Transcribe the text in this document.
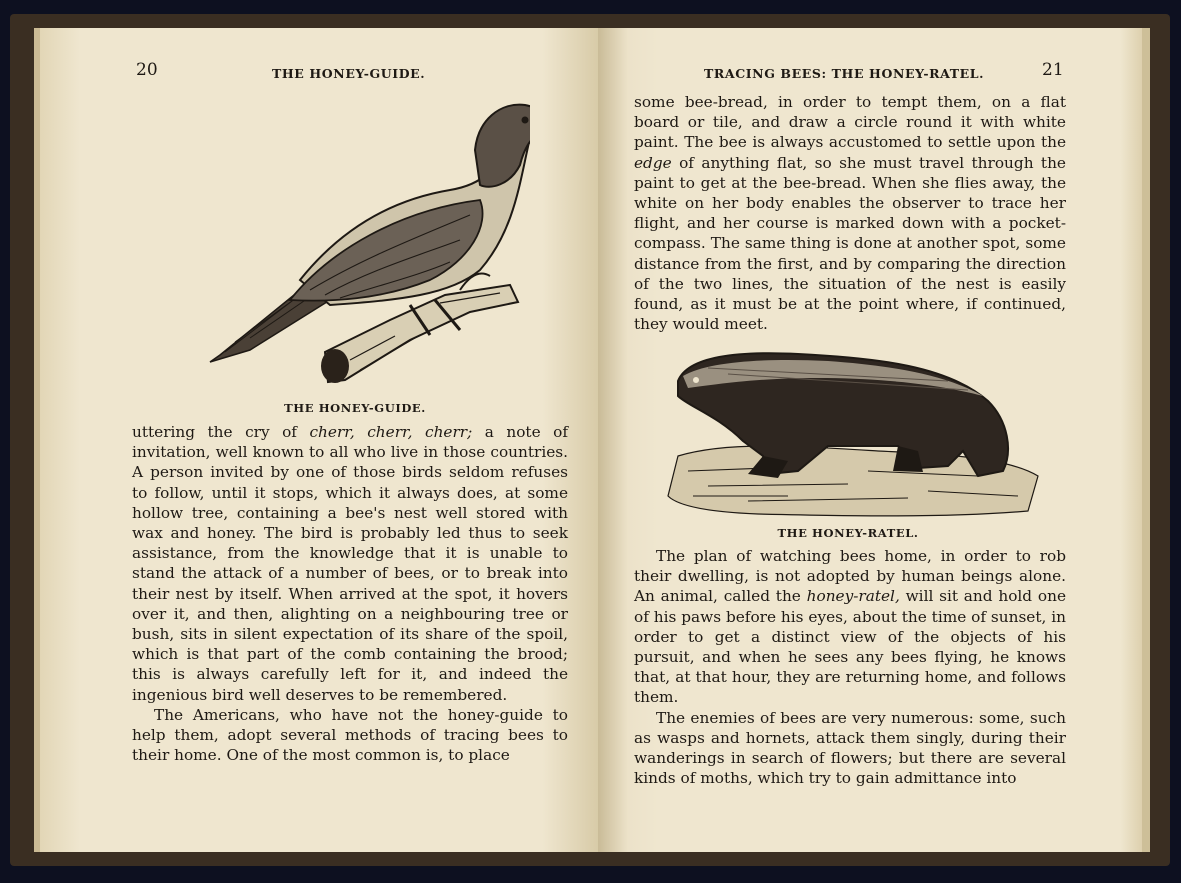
20	THE HONEY-GUIDE.
THE HONEY-GUIDE.

uttering the cry of cherr, cherr, cherr; a note of invitation, well known to all who live in those countries. A person invited by one of those birds seldom refuses to follow, until it stops, which it always does, at some hollow tree, containing a bee's nest well stored with wax and honey. The bird is probably led thus to seek assistance, from the knowledge that it is unable to stand the attack of a number of bees, or to break into their nest by itself. When arrived at the spot, it hovers over it, and then, alighting on a neighbouring tree or bush, sits in silent expectation of its share of the spoil, which is that part of the comb containing the brood; this is always carefully left for it, and indeed the ingenious bird well deserves to be remembered.

The Americans, who have not the honey-guide to help them, adopt several methods of tracing bees to their home. One of the most common is, to place

TRACING BEES: THE HONEY-RATEL.	21

some bee-bread, in order to tempt them, on a flat board or tile, and draw a circle round it with white paint. The bee is always accustomed to settle upon the edge of anything flat, so she must travel through the paint to get at the bee-bread. When she flies away, the white on her body enables the observer to trace her flight, and her course is marked down with a pocket-compass. The same thing is done at another spot, some distance from the first, and by comparing the direction of the two lines, the situation of the nest is easily found, as it must be at the point where, if continued, they would meet.

THE HONEY-RATEL.

The plan of watching bees home, in order to rob their dwelling, is not adopted by human beings alone. An animal, called the honey-ratel, will sit and hold one of his paws before his eyes, about the time of sunset, in order to get a distinct view of the objects of his pursuit, and when he sees any bees flying, he knows that, at that hour, they are returning home, and follows them.

The enemies of bees are very numerous: some, such as wasps and hornets, attack them singly, during their wanderings in search of flowers; but there are several kinds of moths, which try to gain admittance into
